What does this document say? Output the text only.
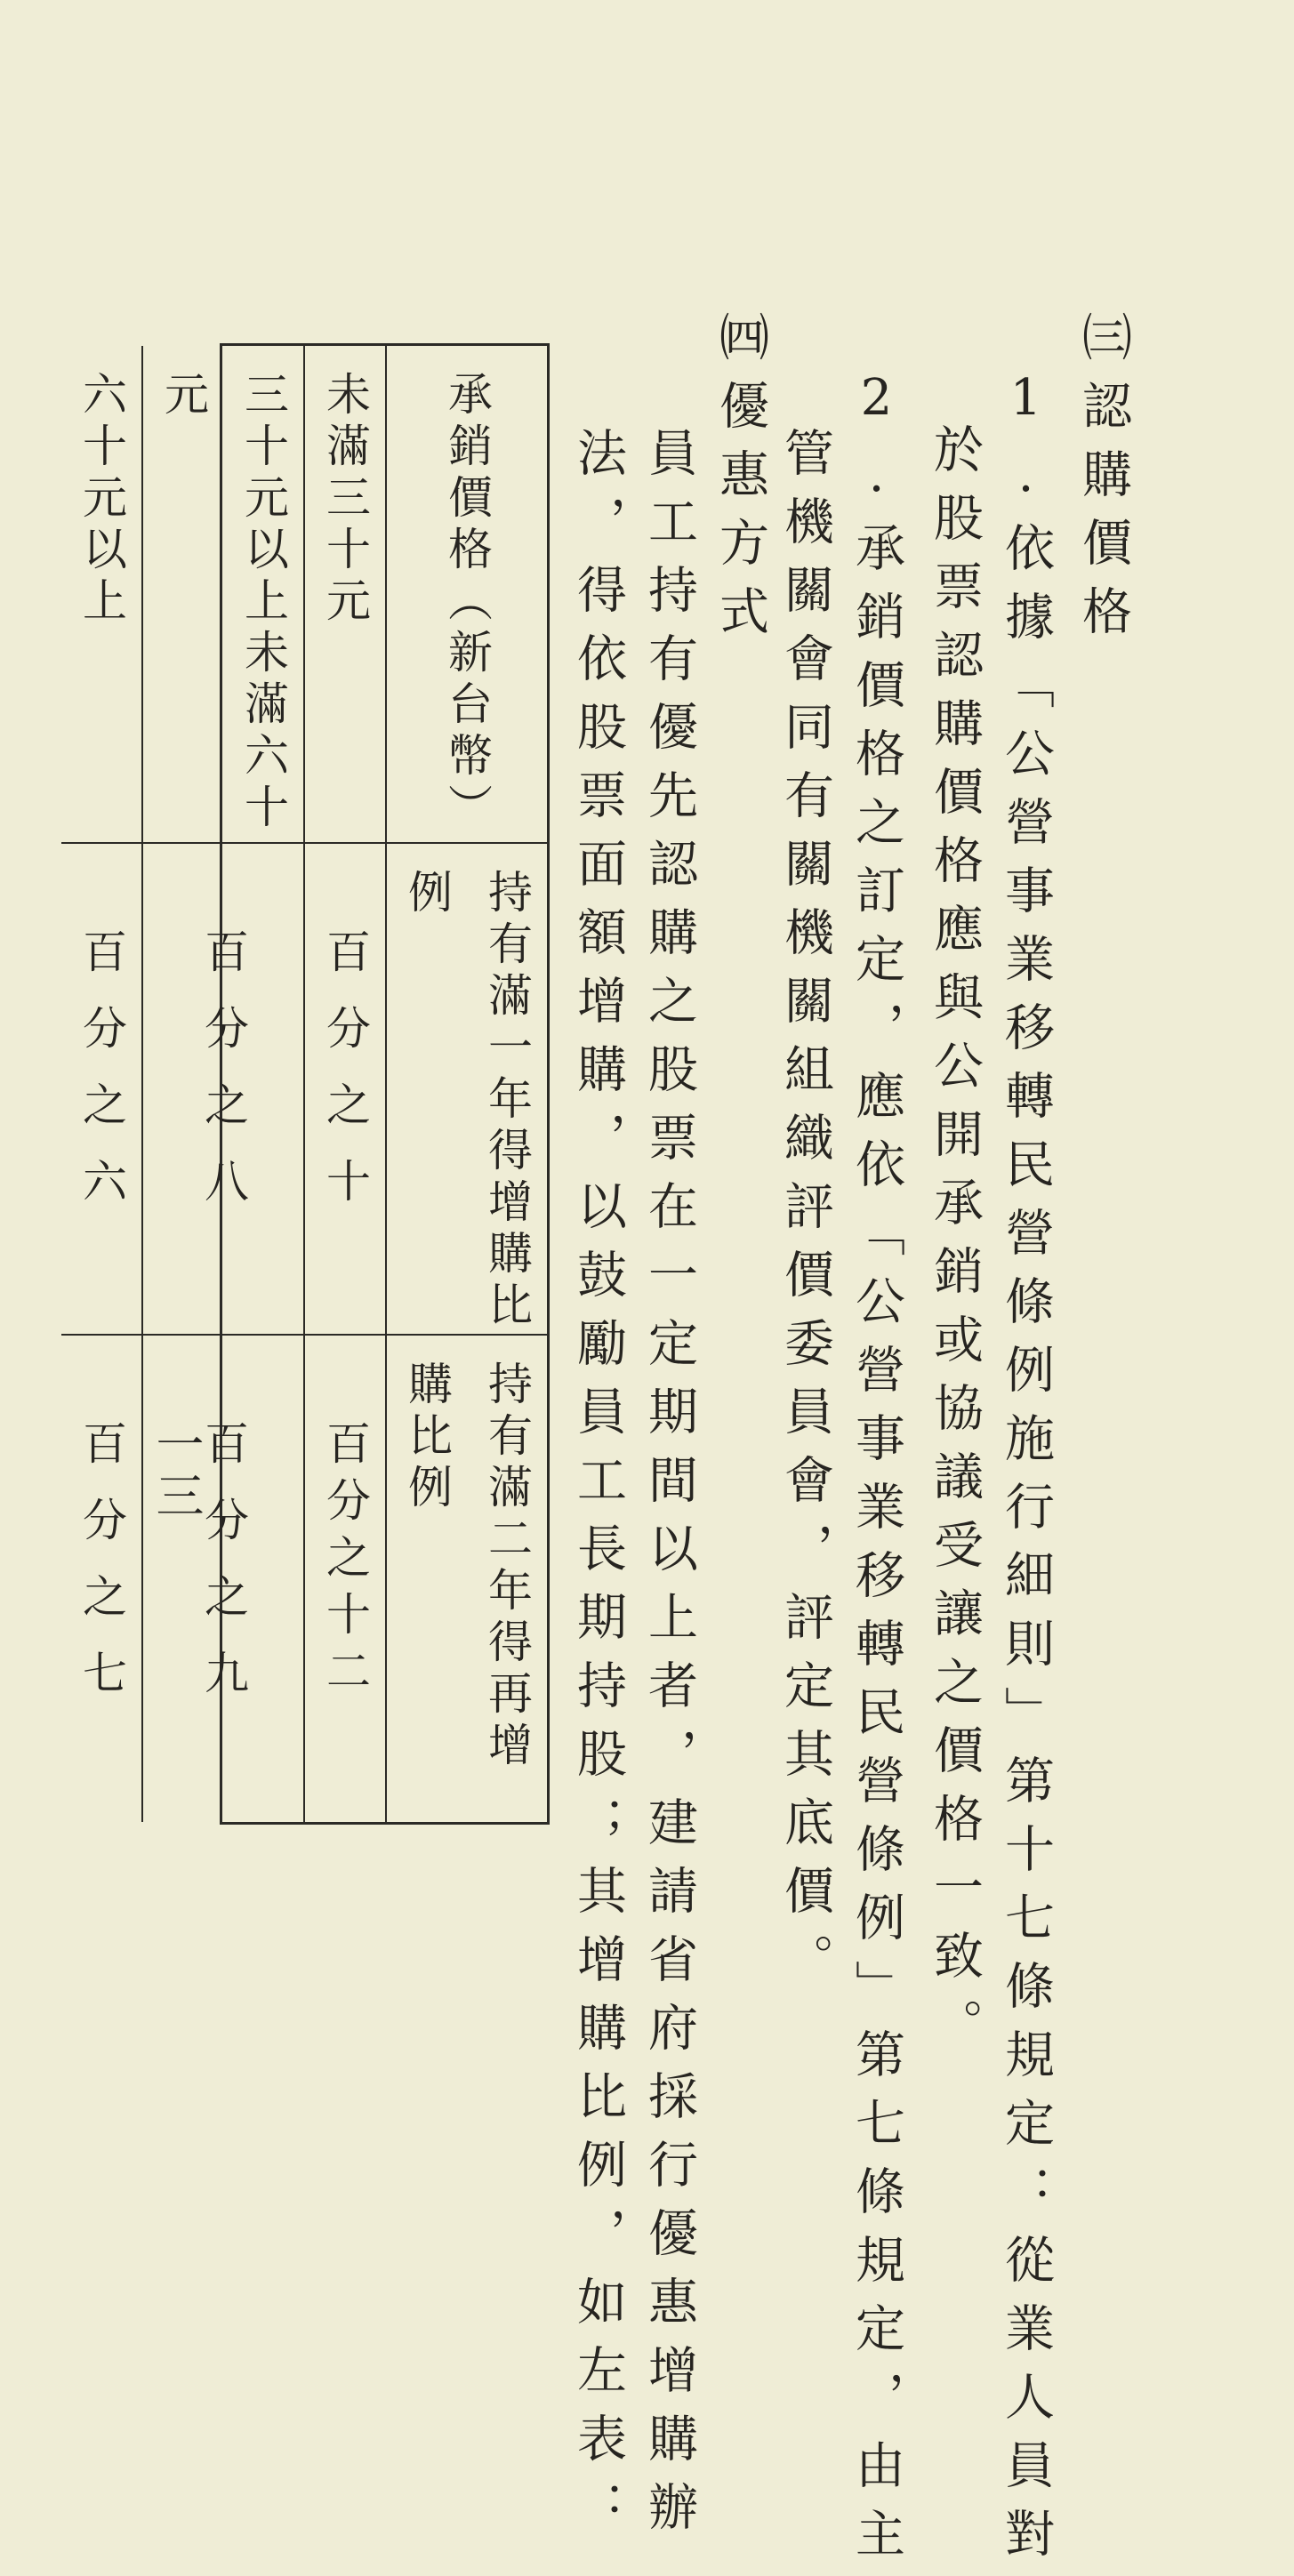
㈢認購價格
1.依據「公營事業移轉民營條例施行細則」第十七條規定：從業人員對
於股票認購價格應與公開承銷或協議受讓之價格一致。
2.承銷價格之訂定，應依「公營事業移轉民營條例」第七條規定，由主
管機關會同有關機關組織評價委員會，評定其底價。
㈣優惠方式
員工持有優先認購之股票在一定期間以上者，建請省府採行優惠增購辦
法，得依股票面額增購，以鼓勵員工長期持股；其增購比例，如左表：
承銷價格（新台幣）
持有滿一年得增購比例
持有滿二年得再增購比例
未滿三十元
百分之十
百分之十二
三十元以上未滿六十元
百分之八
百分之九
六十元以上
百分之六
百分之七 一三
